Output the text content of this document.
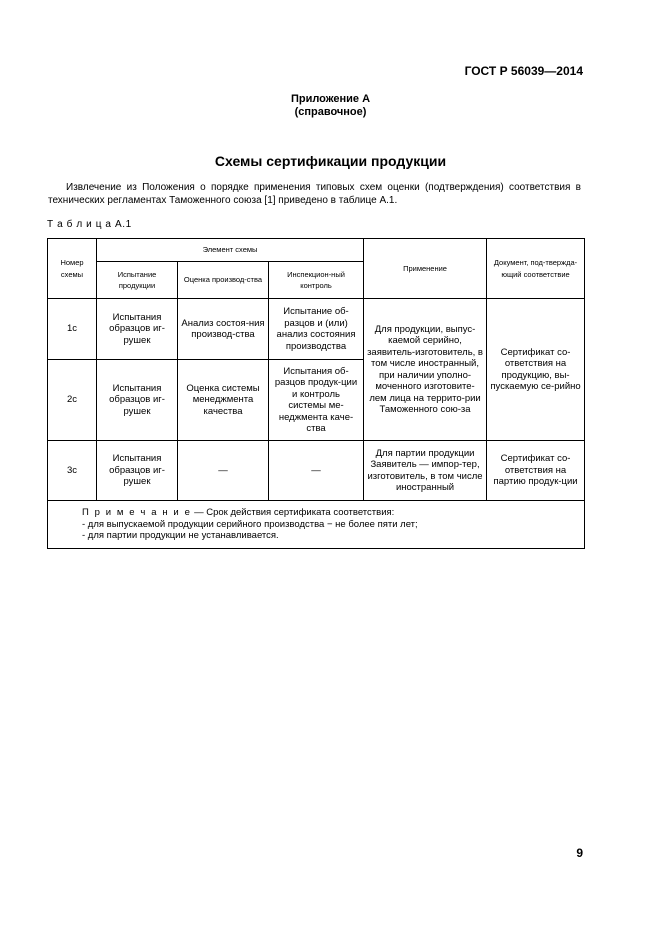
ГОСТ Р 56039—2014
Приложение А
(справочное)
Схемы сертификации продукции
Извлечение из Положения о порядке применения типовых схем оценки (подтверждения) соответствия в технических регламентах Таможенного союза [1] приведено в таблице А.1.
Т а б л и ц а А.1
Номер схемы	Элемент схемы			Применение	Документ, под-твержда-ющий соответствие
	Испытание продукции	Оценка производ-ства	Инспекцион-ный контроль		
1с	Испытания образцов иг-рушек	Анализ состоя-ния производ-ства	Испытание об-разцов и (или) анализ состояния производства	Для продукции, выпус-каемой серийно, заявитель-изготовитель, в том числе иностранный, при наличии уполно-моченного изготовите-лем лица на террито-рии Таможенного сою-за	Сертификат со-ответствия на продукцию, вы-пускаемую се-рийно
2с	Испытания образцов иг-рушек	Оценка системы менеджмента качества	Испытания об-разцов продук-ции и контроль системы ме-неджмента каче-ства		
3с	Испытания образцов иг-рушек	—	—	Для партии продукции Заявитель — импор-тер, изготовитель, в том числе иностранный	Сертификат со-ответствия на партию продук-ции

П р и м е ч а н и е — Срок действия сертификата соответствия:
- для выпускаемой продукции серийного производства − не более пяти лет;
- для партии продукции не устанавливается.					
9
